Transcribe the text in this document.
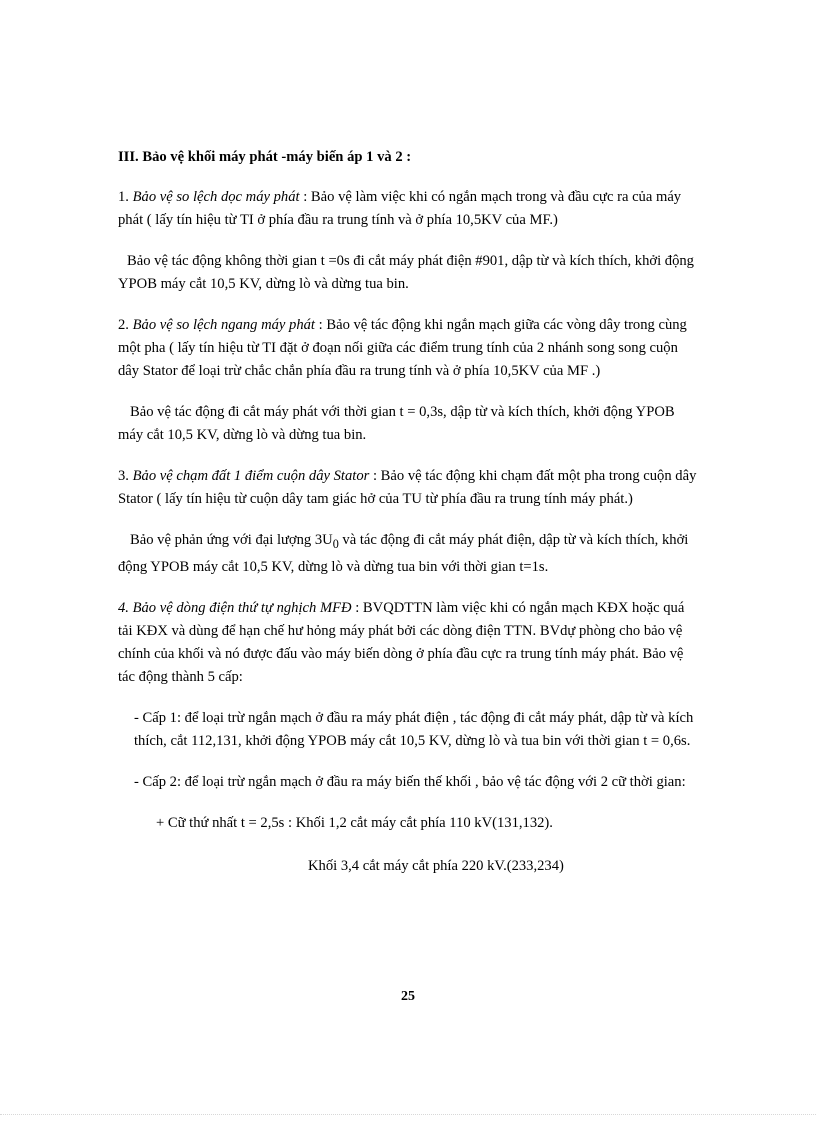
III. Bảo vệ khối máy phát -máy biến áp 1 và 2 :
1. Bảo vệ so lệch dọc máy phát : Bảo vệ làm việc khi có ngắn mạch trong và đầu cực ra của máy phát ( lấy tín hiệu từ TI ở phía đầu ra trung tính và ở phía 10,5KV của MF.)
Bảo vệ tác động không thời gian t =0s đi cắt máy phát điện #901, dập từ và kích thích, khởi động YPOB máy cắt 10,5 KV, dừng lò và dừng tua bin.
2. Bảo vệ so lệch ngang máy phát : Bảo vệ tác động khi ngắn mạch giữa các vòng dây trong cùng một pha ( lấy tín hiệu từ TI đặt ở đoạn nối giữa các điểm trung tính của 2 nhánh song song cuộn dây Stator để loại trừ chắc chắn phía đầu ra trung tính và ở phía 10,5KV của MF .)
Bảo vệ tác động đi cắt máy phát với thời gian t = 0,3s, dập từ và kích thích, khởi động YPOB máy cắt 10,5 KV, dừng lò và dừng tua bin.
3. Bảo vệ chạm đất 1 điểm cuộn dây Stator : Bảo vệ tác động khi chạm đất một pha trong cuộn dây Stator ( lấy tín hiệu từ cuộn dây tam giác hở của TU từ phía đầu ra trung tính máy phát.)
Bảo vệ phản ứng với đại lượng $3U_0$ và tác động đi cắt máy phát điện, dập từ và kích thích, khởi động YPOB máy cắt 10,5 KV, dừng lò và dừng tua bin với thời gian t=1s.
4. Bảo vệ dòng điện thứ tự nghịch MFĐ : BVQDTTN làm việc khi có ngắn mạch KĐX hoặc quá tải KĐX và dùng để hạn chế hư hỏng máy phát bởi các dòng điện TTN. BVdự phòng cho bảo vệ chính của khối và nó được đấu vào máy biến dòng ở phía đầu cực ra trung tính máy phát. Bảo vệ tác động thành 5 cấp:
- Cấp 1: để loại trừ ngắn mạch ở đầu ra máy phát điện , tác động đi cắt máy phát, dập từ và kích thích, cắt 112,131, khởi động YPOB máy cắt 10,5 KV, dừng lò và tua bin với thời gian t = 0,6s.
- Cấp 2: để loại trừ ngắn mạch ở đầu ra máy biến thế khối , bảo vệ tác động với 2 cữ thời gian:
+ Cữ thứ nhất t = 2,5s : Khối 1,2 cắt máy cắt phía 110 kV(131,132).
Khối 3,4 cắt máy cắt phía 220 kV.(233,234)
25
